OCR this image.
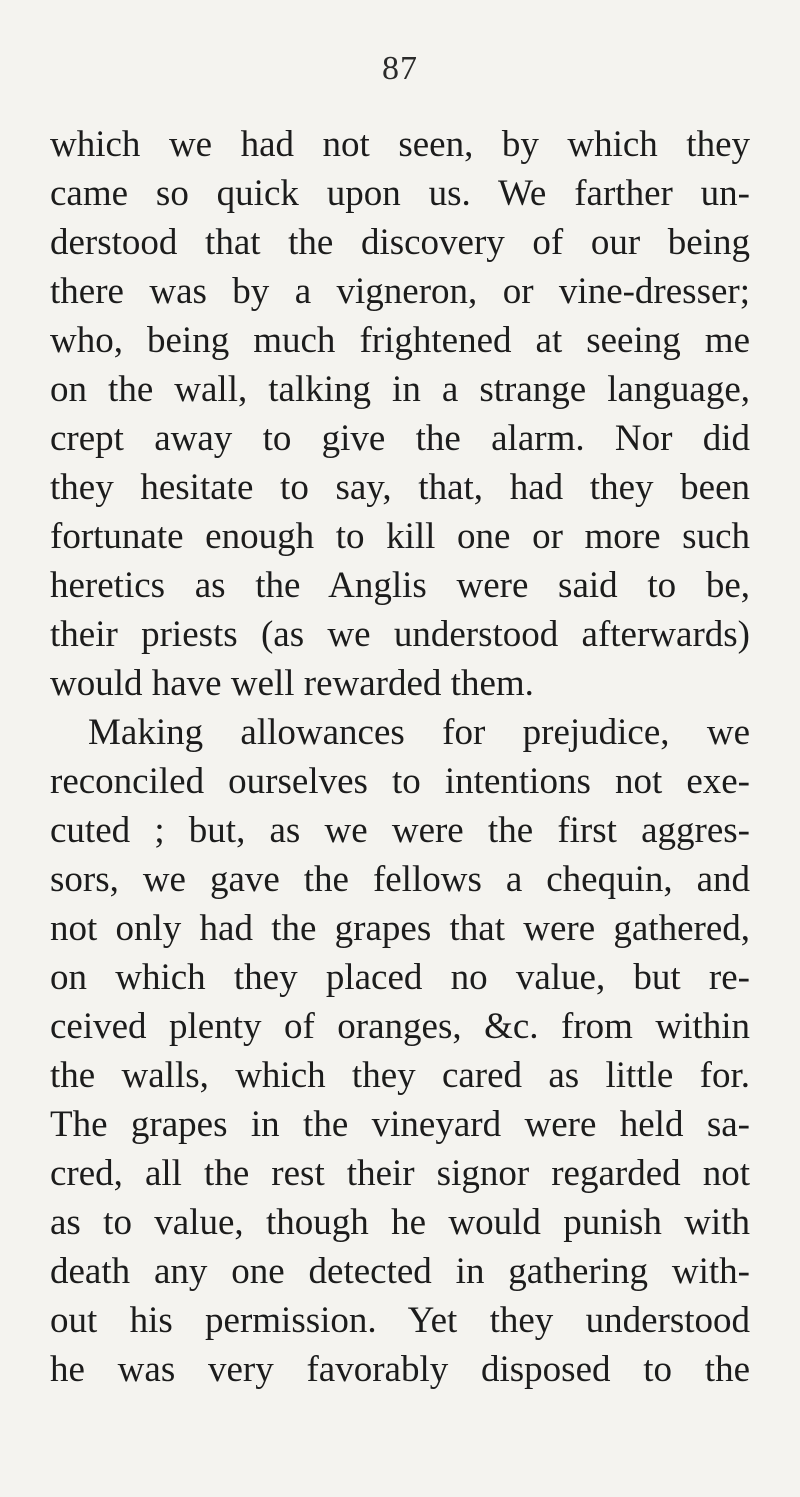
87
which we had not seen, by which they
came so quick upon us. We farther un-
derstood that the discovery of our being
there was by a vigneron, or vine-dresser;
who, being much frightened at seeing me
on the wall, talking in a strange language,
crept away to give the alarm. Nor did
they hesitate to say, that, had they been
fortunate enough to kill one or more such
heretics as the Anglis were said to be,
their priests (as we understood afterwards)
would have well rewarded them.
Making allowances for prejudice, we
reconciled ourselves to intentions not exe-
cuted ; but, as we were the first aggres-
sors, we gave the fellows a chequin, and
not only had the grapes that were gathered,
on which they placed no value, but re-
ceived plenty of oranges, &c. from within
the walls, which they cared as little for.
The grapes in the vineyard were held sa-
cred, all the rest their signor regarded not
as to value, though he would punish with
death any one detected in gathering with-
out his permission. Yet they understood
he was very favorably disposed to the
